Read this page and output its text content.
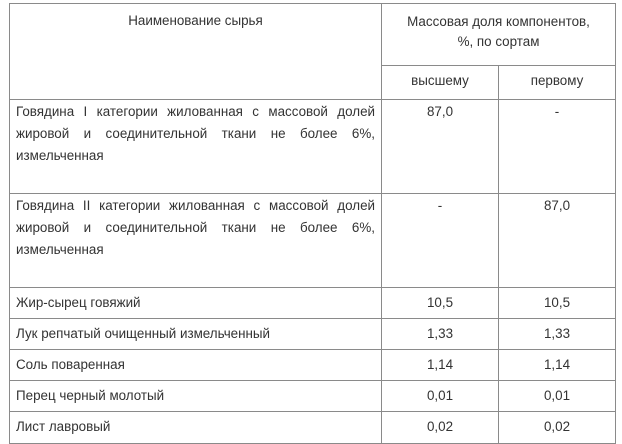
Наименование сырья	Массовая доля компонентов,
%, по сортам	
	высшему	первому
Говядина I категории жилованная с массовой долей жировой и соединительной ткани не более 6%, измельченная	87,0	-
Говядина II категории жилованная с массовой долей жировой и соединительной ткани не более 6%, измельченная	-	87,0
Жир-сырец говяжий	10,5	10,5
Лук репчатый очищенный измельченный	1,33	1,33
Соль поваренная	1,14	1,14
Перец черный молотый	0,01	0,01
Лист лавровый	0,02	0,02
